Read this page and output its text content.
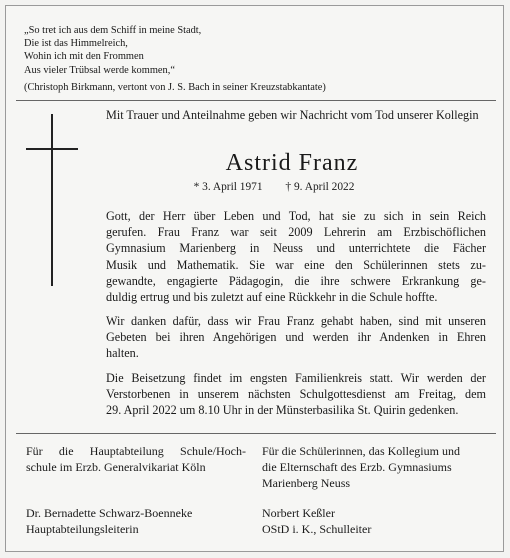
„So tret ich aus dem Schiff in meine Stadt,
Die ist das Himmelreich,
Wohin ich mit den Frommen
Aus vieler Trübsal werde kommen,“
(Christoph Birkmann, vertont von J. S. Bach in seiner Kreuzstabkantate)
Mit Trauer und Anteilnahme geben wir Nachricht vom Tod unserer Kollegin
Astrid Franz
* 3. April 1971 † 9. April 2022
Gott, der Herr über Leben und Tod, hat sie zu sich in sein Reich
gerufen. Frau Franz war seit 2009 Lehrerin am Erzbischöflichen
Gymnasium Marienberg in Neuss und unterrichtete die Fächer
Musik und Mathematik. Sie war eine den Schülerinnen stets zu-
gewandte, engagierte Pädagogin, die ihre schwere Erkrankung ge-
duldig ertrug und bis zuletzt auf eine Rückkehr in die Schule hoffte.
Wir danken dafür, dass wir Frau Franz gehabt haben, sind mit unseren
Gebeten bei ihren Angehörigen und werden ihr Andenken in Ehren
halten.
Die Beisetzung findet im engsten Familienkreis statt. Wir werden der
Verstorbenen in unserem nächsten Schulgottesdienst am Freitag, dem
29. April 2022 um 8.10 Uhr in der Münsterbasilika St. Quirin gedenken.
Für die Hauptabteilung Schule/Hoch-
schule im Erzb. Generalvikariat Köln
Für die Schülerinnen, das Kollegium und
die Elternschaft des Erzb. Gymnasiums
Marienberg Neuss
Dr. Bernadette Schwarz-Boenneke
Hauptabteilungsleiterin
Norbert Keßler
OStD i. K., Schulleiter
